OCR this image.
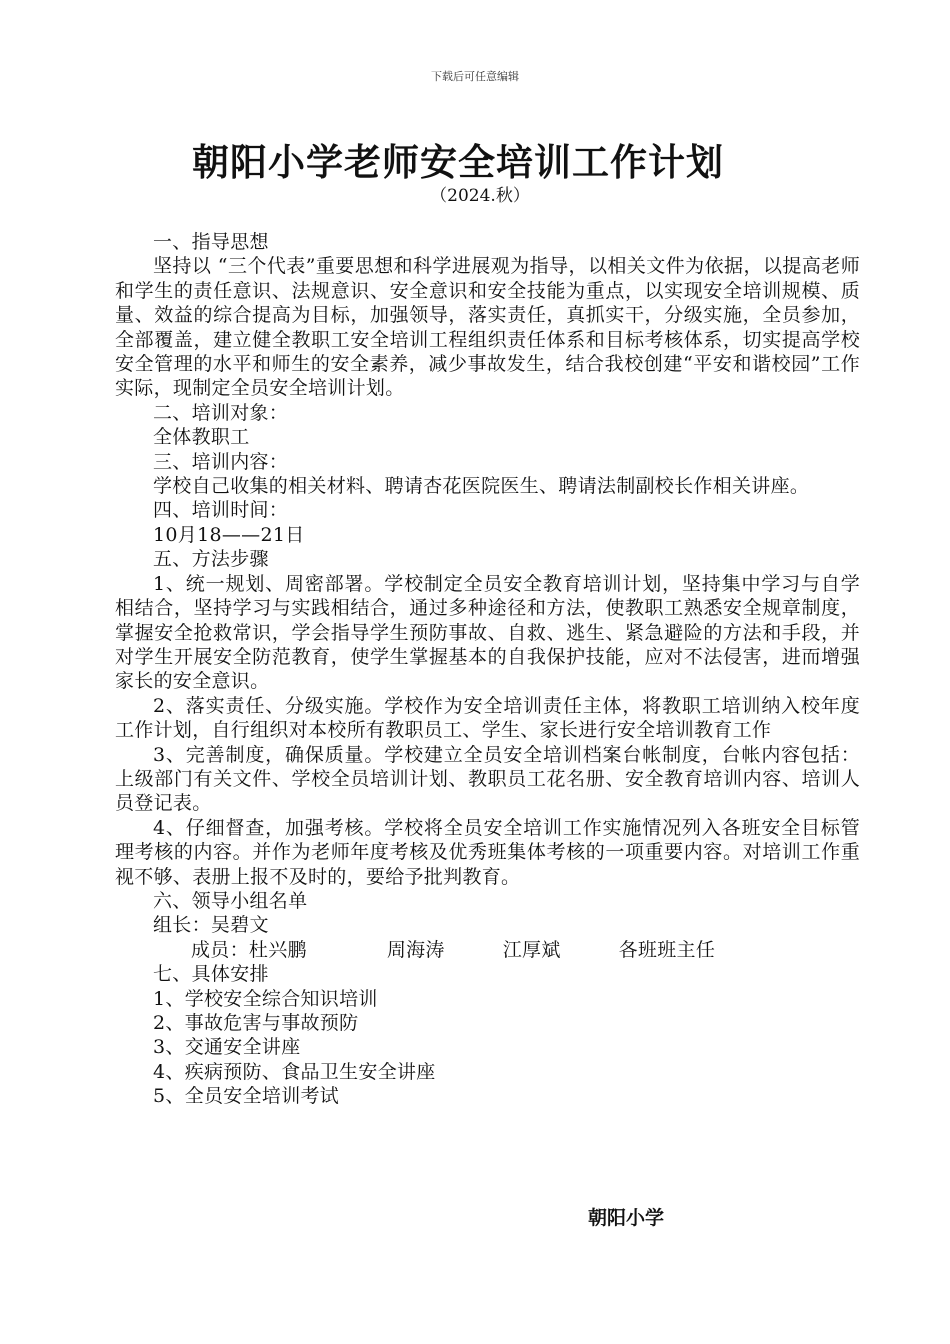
下载后可任意编辑
朝阳小学老师安全培训工作计划
（2024.秋）

一、指导思想

坚持以 “三个代表”重要思想和科学进展观为指导，以相关文件为依据，以提高老师和学生的责任意识、法规意识、安全意识和安全技能为重点，以实现安全培训规模、质量、效益的综合提高为目标，加强领导，落实责任，真抓实干，分级实施，全员参加，全部覆盖，建立健全教职工安全培训工程组织责任体系和目标考核体系，切实提高学校安全管理的水平和师生的安全素养，减少事故发生，结合我校创建“平安和谐校园”工作实际，现制定全员安全培训计划。

二、培训对象：

全体教职工

三、培训内容：

学校自己收集的相关材料、聘请杏花医院医生、聘请法制副校长作相关讲座。

四、培训时间：

10月18——21日

五、方法步骤

1、统一规划、周密部署。学校制定全员安全教育培训计划，坚持集中学习与自学相结合，坚持学习与实践相结合，通过多种途径和方法，使教职工熟悉安全规章制度，掌握安全抢救常识，学会指导学生预防事故、自救、逃生、紧急避险的方法和手段，并对学生开展安全防范教育，使学生掌握基本的自我保护技能，应对不法侵害，进而增强家长的安全意识。

2、落实责任、分级实施。学校作为安全培训责任主体，将教职工培训纳入校年度工作计划，自行组织对本校所有教职员工、学生、家长进行安全培训教育工作

3、完善制度，确保质量。学校建立全员安全培训档案台帐制度，台帐内容包括：上级部门有关文件、学校全员培训计划、教职员工花名册、安全教育培训内容、培训人员登记表。

4、仔细督查，加强考核。学校将全员安全培训工作实施情况列入各班安全目标管理考核的内容。并作为老师年度考核及优秀班集体考核的一项重要内容。对培训工作重视不够、表册上报不及时的，要给予批判教育。

六、领导小组名单

组长：吴碧文

成员：杜兴鹏	周海涛	江厚斌	各班班主任

七、具体安排

1、学校安全综合知识培训

2、事故危害与事故预防

3、交通安全讲座

4、疾病预防、食品卫生安全讲座

5、全员安全培训考试

朝阳小学
